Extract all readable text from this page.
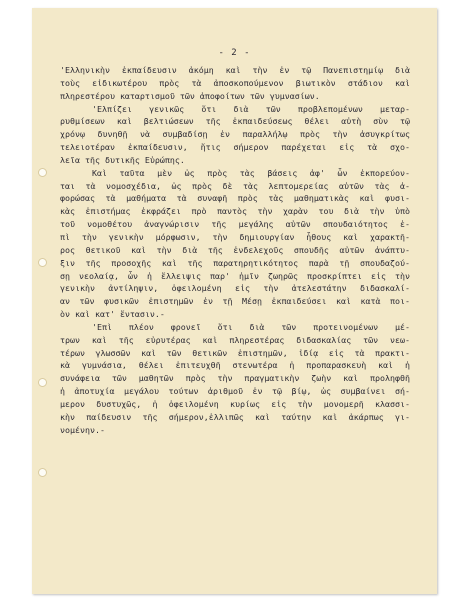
- 2 -
'Ελληνικὴν ἐκπαίδευσιν ἀκόμη καὶ τὴν ἐν τῷ Πανεπιστημίῳ διὰ
τοὺς εἰδικωτέρου πρὸς τὰ ἀποσκοπούμενον βιωτικὸν στάδιον καὶ
πληρεστέρου καταρτισμοῦ τῶν ἀποφοίτων τῶν γυμνασίων.
'Ελπίζει γενικῶς ὅτι διὰ τῶν προβλεπομένων μεταρ-
ρυθμίσεων καὶ βελτιώσεων τῆς ἐκπαιδεύσεως θέλει αὐτὴ σὺν τῷ
χρόνῳ δυνηθῇ νὰ συμβαδίσῃ ἐν παραλλήλῳ πρὸς τὴν ἀσυγκρίτως
τελειοτέραν ἐκπαίδευσιν, ἥτις σήμερον παρέχεται εἰς τὰ σχο-
λεῖα τῆς δυτικῆς Εὐρώπης.
Καὶ ταῦτα μὲν ὡς πρὸς τὰς βάσεις ἀφ' ὧν ἐκπορεύον-
ται τὰ νομοσχέδια, ὡς πρὸς δὲ τὰς λεπτομερείας αὐτῶν τὰς ἀ-
φορώσας τὰ μαθήματα τὰ συναφῆ πρὸς τὰς μαθηματικὰς καὶ φυσι-
κὰς ἐπιστήμας ἐκφράζει πρὸ παντὸς τὴν χαρὰν του διὰ τὴν ὑπὸ
τοῦ νομοθέτου ἀναγνώρισιν τῆς μεγάλης αὐτῶν σπουδαιότητος ἐ-
πὶ τὴν γενικὴν μόρφωσιν, τὴν δημιουργίαν ἦθους καὶ χαρακτῆ-
ρος θετικοῦ καὶ τὴν διὰ τῆς ἐνδελεχοῦς σπουδῆς αὐτῶν ἀνάπτυ-
ξιν τῆς προσοχῆς καὶ τῆς παρατηρητικότητος παρὰ τῇ σπουδαζού-
σῃ νεολαίᾳ, ὧν ἡ ἔλλειψις παρ' ἡμῖν ζωηρῶς προσκρίπτει εἰς τὴν
γενικὴν ἀντίληψιν, ὀφειλομένη εἰς τὴν ἀτελεστάτην διδασκαλί-
αν τῶν φυσικῶν ἐπιστημῶν ἐν τῇ Μέσῃ ἐκπαιδεύσει καὶ κατὰ ποι-
ὸν καὶ κατ' ἔντασιν.-
'Επὶ πλέον φρονεῖ ὅτι διὰ τῶν προτεινομένων μέ-
τρων καὶ τῆς εὐρυτέρας καὶ πληρεστέρας διδασκαλίας τῶν νεω-
τέρων γλωσσῶν καὶ τῶν θετικῶν ἐπιστημῶν, ἰδίᾳ εἰς τὰ πρακτι-
κὰ γυμνάσια, θέλει ἐπιτευχθῆ στενωτέρα ἡ προπαρασκευὴ καὶ ἡ
συνάφεια τῶν μαθητῶν πρὸς τὴν πραγματικὴν ζωὴν καὶ προληφθῆ
ἡ ἀποτυχία μεγάλου τούτων ἀριθμοῦ ἐν τῷ βίῳ, ὡς συμβαίνει σή-
μερον δυστυχῶς, ἡ ὀφειλομένη κυρίως εἰς τὴν μονομερῆ κλασσι-
κὴν παίδευσιν τῆς σήμερον,ἐλλιπῶς καὶ ταύτην καὶ ἀκάρπως γι-
νομένην.-
